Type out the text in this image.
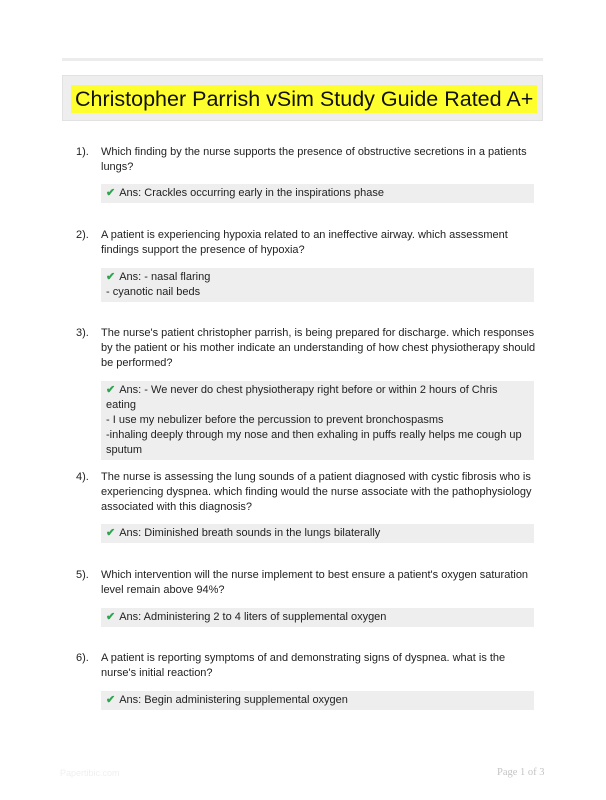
Christopher Parrish vSim Study Guide Rated A+
1). Which finding by the nurse supports the presence of obstructive secretions in a patients lungs?
✔ Ans: Crackles occurring early in the inspirations phase
2). A patient is experiencing hypoxia related to an ineffective airway. which assessment findings support the presence of hypoxia?
✔ Ans: - nasal flaring
- cyanotic nail beds
3). The nurse's patient christopher parrish, is being prepared for discharge. which responses by the patient or his mother indicate an understanding of how chest physiotherapy should be performed?
✔ Ans: - We never do chest physiotherapy right before or within 2 hours of Chris eating
- I use my nebulizer before the percussion to prevent bronchospasms
-inhaling deeply through my nose and then exhaling in puffs really helps me cough up sputum
4). The nurse is assessing the lung sounds of a patient diagnosed with cystic fibrosis who is experiencing dyspnea. which finding would the nurse associate with the pathophysiology associated with this diagnosis?
✔ Ans: Diminished breath sounds in the lungs bilaterally
5). Which intervention will the nurse implement to best ensure a patient's oxygen saturation level remain above 94%?
✔ Ans: Administering 2 to 4 liters of supplemental oxygen
6). A patient is reporting symptoms of and demonstrating signs of dyspnea. what is the nurse's initial reaction?
✔ Ans: Begin administering supplemental oxygen
Papertibic.com	Page 1 of 3
